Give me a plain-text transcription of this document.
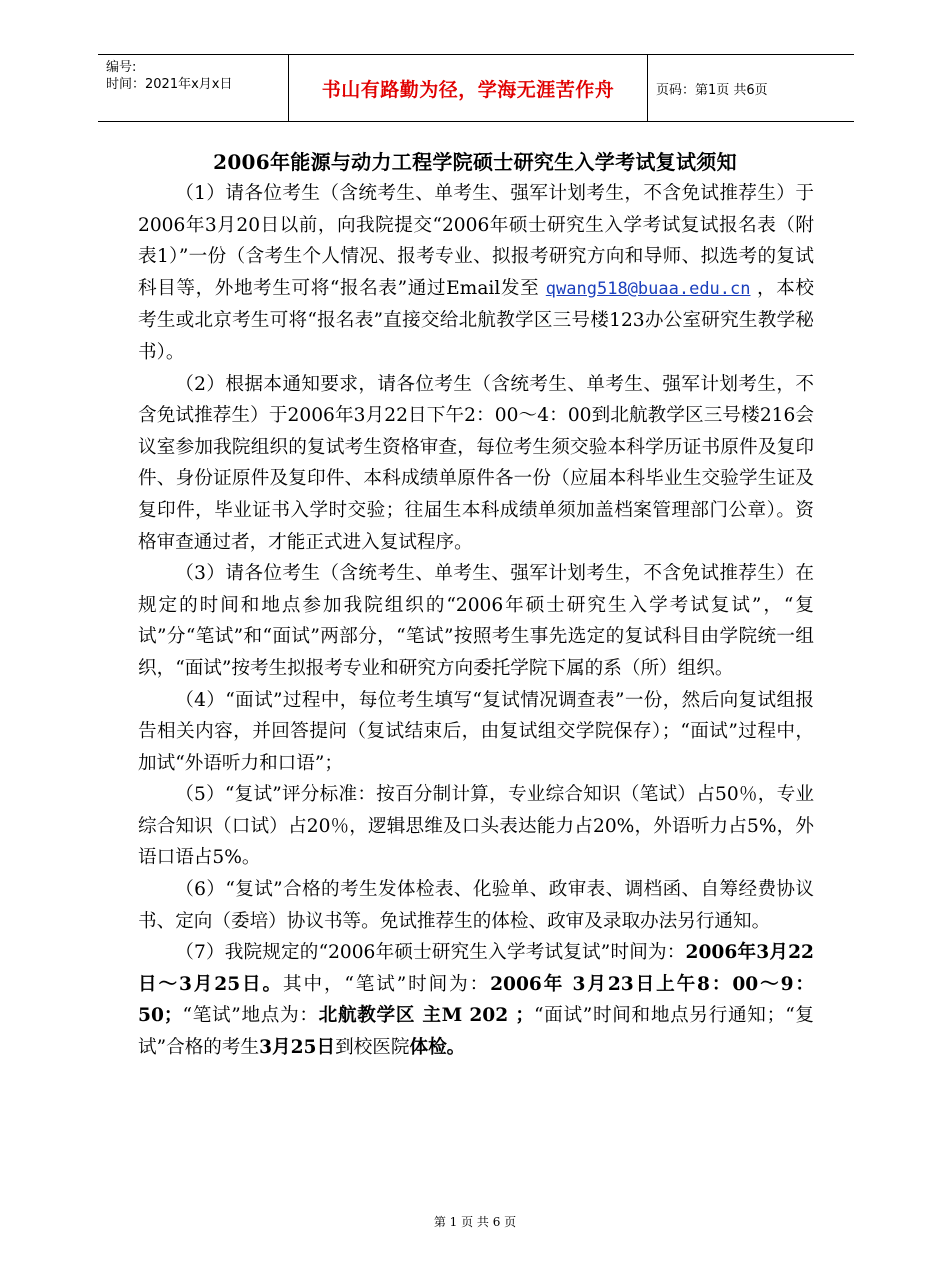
编号:
时间：2021年x月x日	书山有路勤为径，学海无涯苦作舟	页码：第1页 共6页
2006年能源与动力工程学院硕士研究生入学考试复试须知

（1）请各位考生（含统考生、单考生、强军计划考生，不含免试推荐生）于2006年3月20日以前，向我院提交“2006年硕士研究生入学考试复试报名表（附表1）”一份（含考生个人情况、报考专业、拟报考研究方向和导师、拟选考的复试科目等，外地考生可将“报名表”通过Email发至 qwang518@buaa.edu.cn ，本校考生或北京考生可将“报名表”直接交给北航教学区三号楼123办公室研究生教学秘书）。

（2）根据本通知要求，请各位考生（含统考生、单考生、强军计划考生，不含免试推荐生）于2006年3月22日下午2：00～4：00到北航教学区三号楼216会议室参加我院组织的复试考生资格审查，每位考生须交验本科学历证书原件及复印件、身份证原件及复印件、本科成绩单原件各一份（应届本科毕业生交验学生证及复印件，毕业证书入学时交验；往届生本科成绩单须加盖档案管理部门公章）。资格审查通过者，才能正式进入复试程序。

（3）请各位考生（含统考生、单考生、强军计划考生，不含免试推荐生）在规定的时间和地点参加我院组织的“2006年硕士研究生入学考试复试”，“复试”分“笔试”和“面试”两部分，“笔试”按照考生事先选定的复试科目由学院统一组织，“面试”按考生拟报考专业和研究方向委托学院下属的系（所）组织。

（4）“面试”过程中，每位考生填写“复试情况调查表”一份，然后向复试组报告相关内容，并回答提问（复试结束后，由复试组交学院保存）；“面试”过程中，加试“外语听力和口语”；

（5）“复试”评分标准：按百分制计算，专业综合知识（笔试）占50％，专业综合知识（口试）占20％，逻辑思维及口头表达能力占20%，外语听力占5%，外语口语占5%。

（6）“复试”合格的考生发体检表、化验单、政审表、调档函、自筹经费协议书、定向（委培）协议书等。免试推荐生的体检、政审及录取办法另行通知。

（7）我院规定的“2006年硕士研究生入学考试复试”时间为：2006年3月22 日～3月25日。其中，“笔试”时间为：2006年 3月23日上午8：00～9：50；“笔试”地点为：北航教学区 主M 202 ；“面试”时间和地点另行通知；“复试”合格的考生3月25日到校医院体检。

第 1 页 共 6 页
